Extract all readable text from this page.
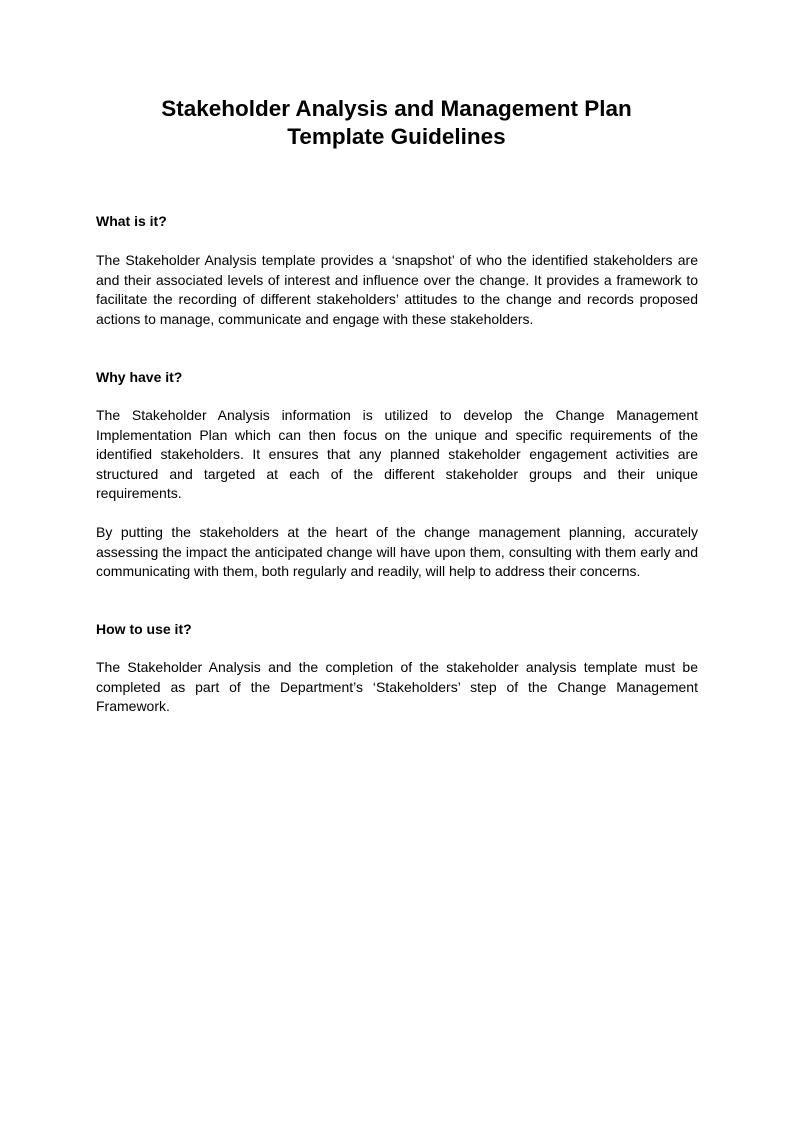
Stakeholder Analysis and Management Plan
Template Guidelines
What is it?
The Stakeholder Analysis template provides a ‘snapshot’ of who the identified stakeholders are and their associated levels of interest and influence over the change. It provides a framework to facilitate the recording of different stakeholders’ attitudes to the change and records proposed actions to manage, communicate and engage with these stakeholders.
Why have it?
The Stakeholder Analysis information is utilized to develop the Change Management Implementation Plan which can then focus on the unique and specific requirements of the identified stakeholders. It ensures that any planned stakeholder engagement activities are structured and targeted at each of the different stakeholder groups and their unique requirements.
By putting the stakeholders at the heart of the change management planning, accurately assessing the impact the anticipated change will have upon them, consulting with them early and communicating with them, both regularly and readily, will help to address their concerns.
How to use it?
The Stakeholder Analysis and the completion of the stakeholder analysis template must be completed as part of the Department’s ‘Stakeholders’ step of the Change Management Framework.
